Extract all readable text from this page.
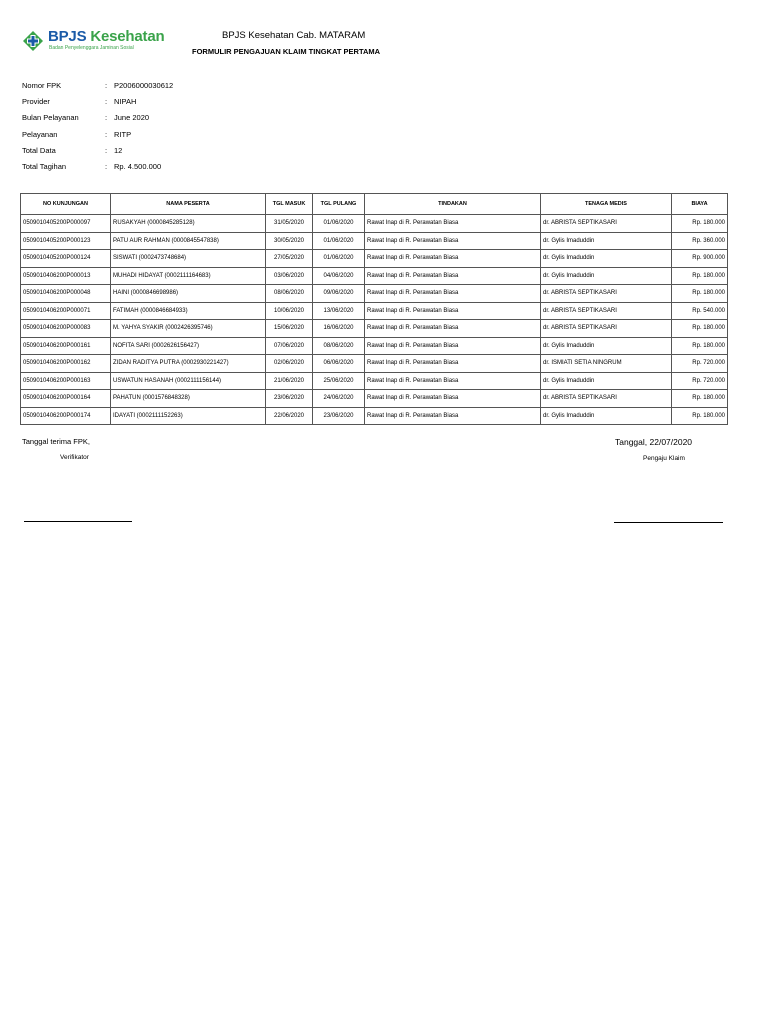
BPJS Kesehatan
Badan Penyelenggara Jaminan Sosial
BPJS Kesehatan Cab. MATARAM
FORMULIR PENGAJUAN KLAIM TINGKAT PERTAMA
Nomor FPK	: P2006000030612
Provider	: NIPAH
Bulan Pelayanan	: June 2020
Pelayanan	: RITP
Total Data	: 12
Total Tagihan	: Rp. 4.500.000
NO KUNJUNGAN	NAMA PESERTA	TGL MASUK	TGL PULANG	TINDAKAN	TENAGA MEDIS	BIAYA
0509010405200P000097	RUSAKYAH (0000845285128)	31/05/2020	01/06/2020	Rawat Inap di R. Perawatan Biasa	dr. ABRISTA SEPTIKASARI	Rp. 180.000
0509010405200P000123	PATU AUR RAHMAN (0000845547838)	30/05/2020	01/06/2020	Rawat Inap di R. Perawatan Biasa	dr. Gylis Imaduddin	Rp. 360.000
0509010405200P000124	SISWATI (0002473748684)	27/05/2020	01/06/2020	Rawat Inap di R. Perawatan Biasa	dr. Gylis Imaduddin	Rp. 900.000
0509010406200P000013	MUHADI HIDAYAT (0002111164683)	03/06/2020	04/06/2020	Rawat Inap di R. Perawatan Biasa	dr. Gylis Imaduddin	Rp. 180.000
0509010406200P000048	HAINI (0000846698986)	08/06/2020	09/06/2020	Rawat Inap di R. Perawatan Biasa	dr. ABRISTA SEPTIKASARI	Rp. 180.000
0509010406200P000071	FATIMAH (0000846684933)	10/06/2020	13/06/2020	Rawat Inap di R. Perawatan Biasa	dr. ABRISTA SEPTIKASARI	Rp. 540.000
0509010406200P000083	M. YAHYA SYAKIR (0002426395746)	15/06/2020	16/06/2020	Rawat Inap di R. Perawatan Biasa	dr. ABRISTA SEPTIKASARI	Rp. 180.000
0509010406200P000161	NOFITA SARI (0002626156427)	07/06/2020	08/06/2020	Rawat Inap di R. Perawatan Biasa	dr. Gylis Imaduddin	Rp. 180.000
0509010406200P000162	ZIDAN RADITYA PUTRA (0002930221427)	02/06/2020	06/06/2020	Rawat Inap di R. Perawatan Biasa	dr. ISMIATI SETIA NINGRUM	Rp. 720.000
0509010406200P000163	USWATUN HASANAH (0002111156144)	21/06/2020	25/06/2020	Rawat Inap di R. Perawatan Biasa	dr. Gylis Imaduddin	Rp. 720.000
0509010406200P000164	PAHATUN (0001576848328)	23/06/2020	24/06/2020	Rawat Inap di R. Perawatan Biasa	dr. ABRISTA SEPTIKASARI	Rp. 180.000
0509010406200P000174	IDAYATI (0002111152263)	22/06/2020	23/06/2020	Rawat Inap di R. Perawatan Biasa	dr. Gylis Imaduddin	Rp. 180.000
Tanggal terima FPK,
Verifikator
Tanggal, 22/07/2020
Pengaju Klaim
